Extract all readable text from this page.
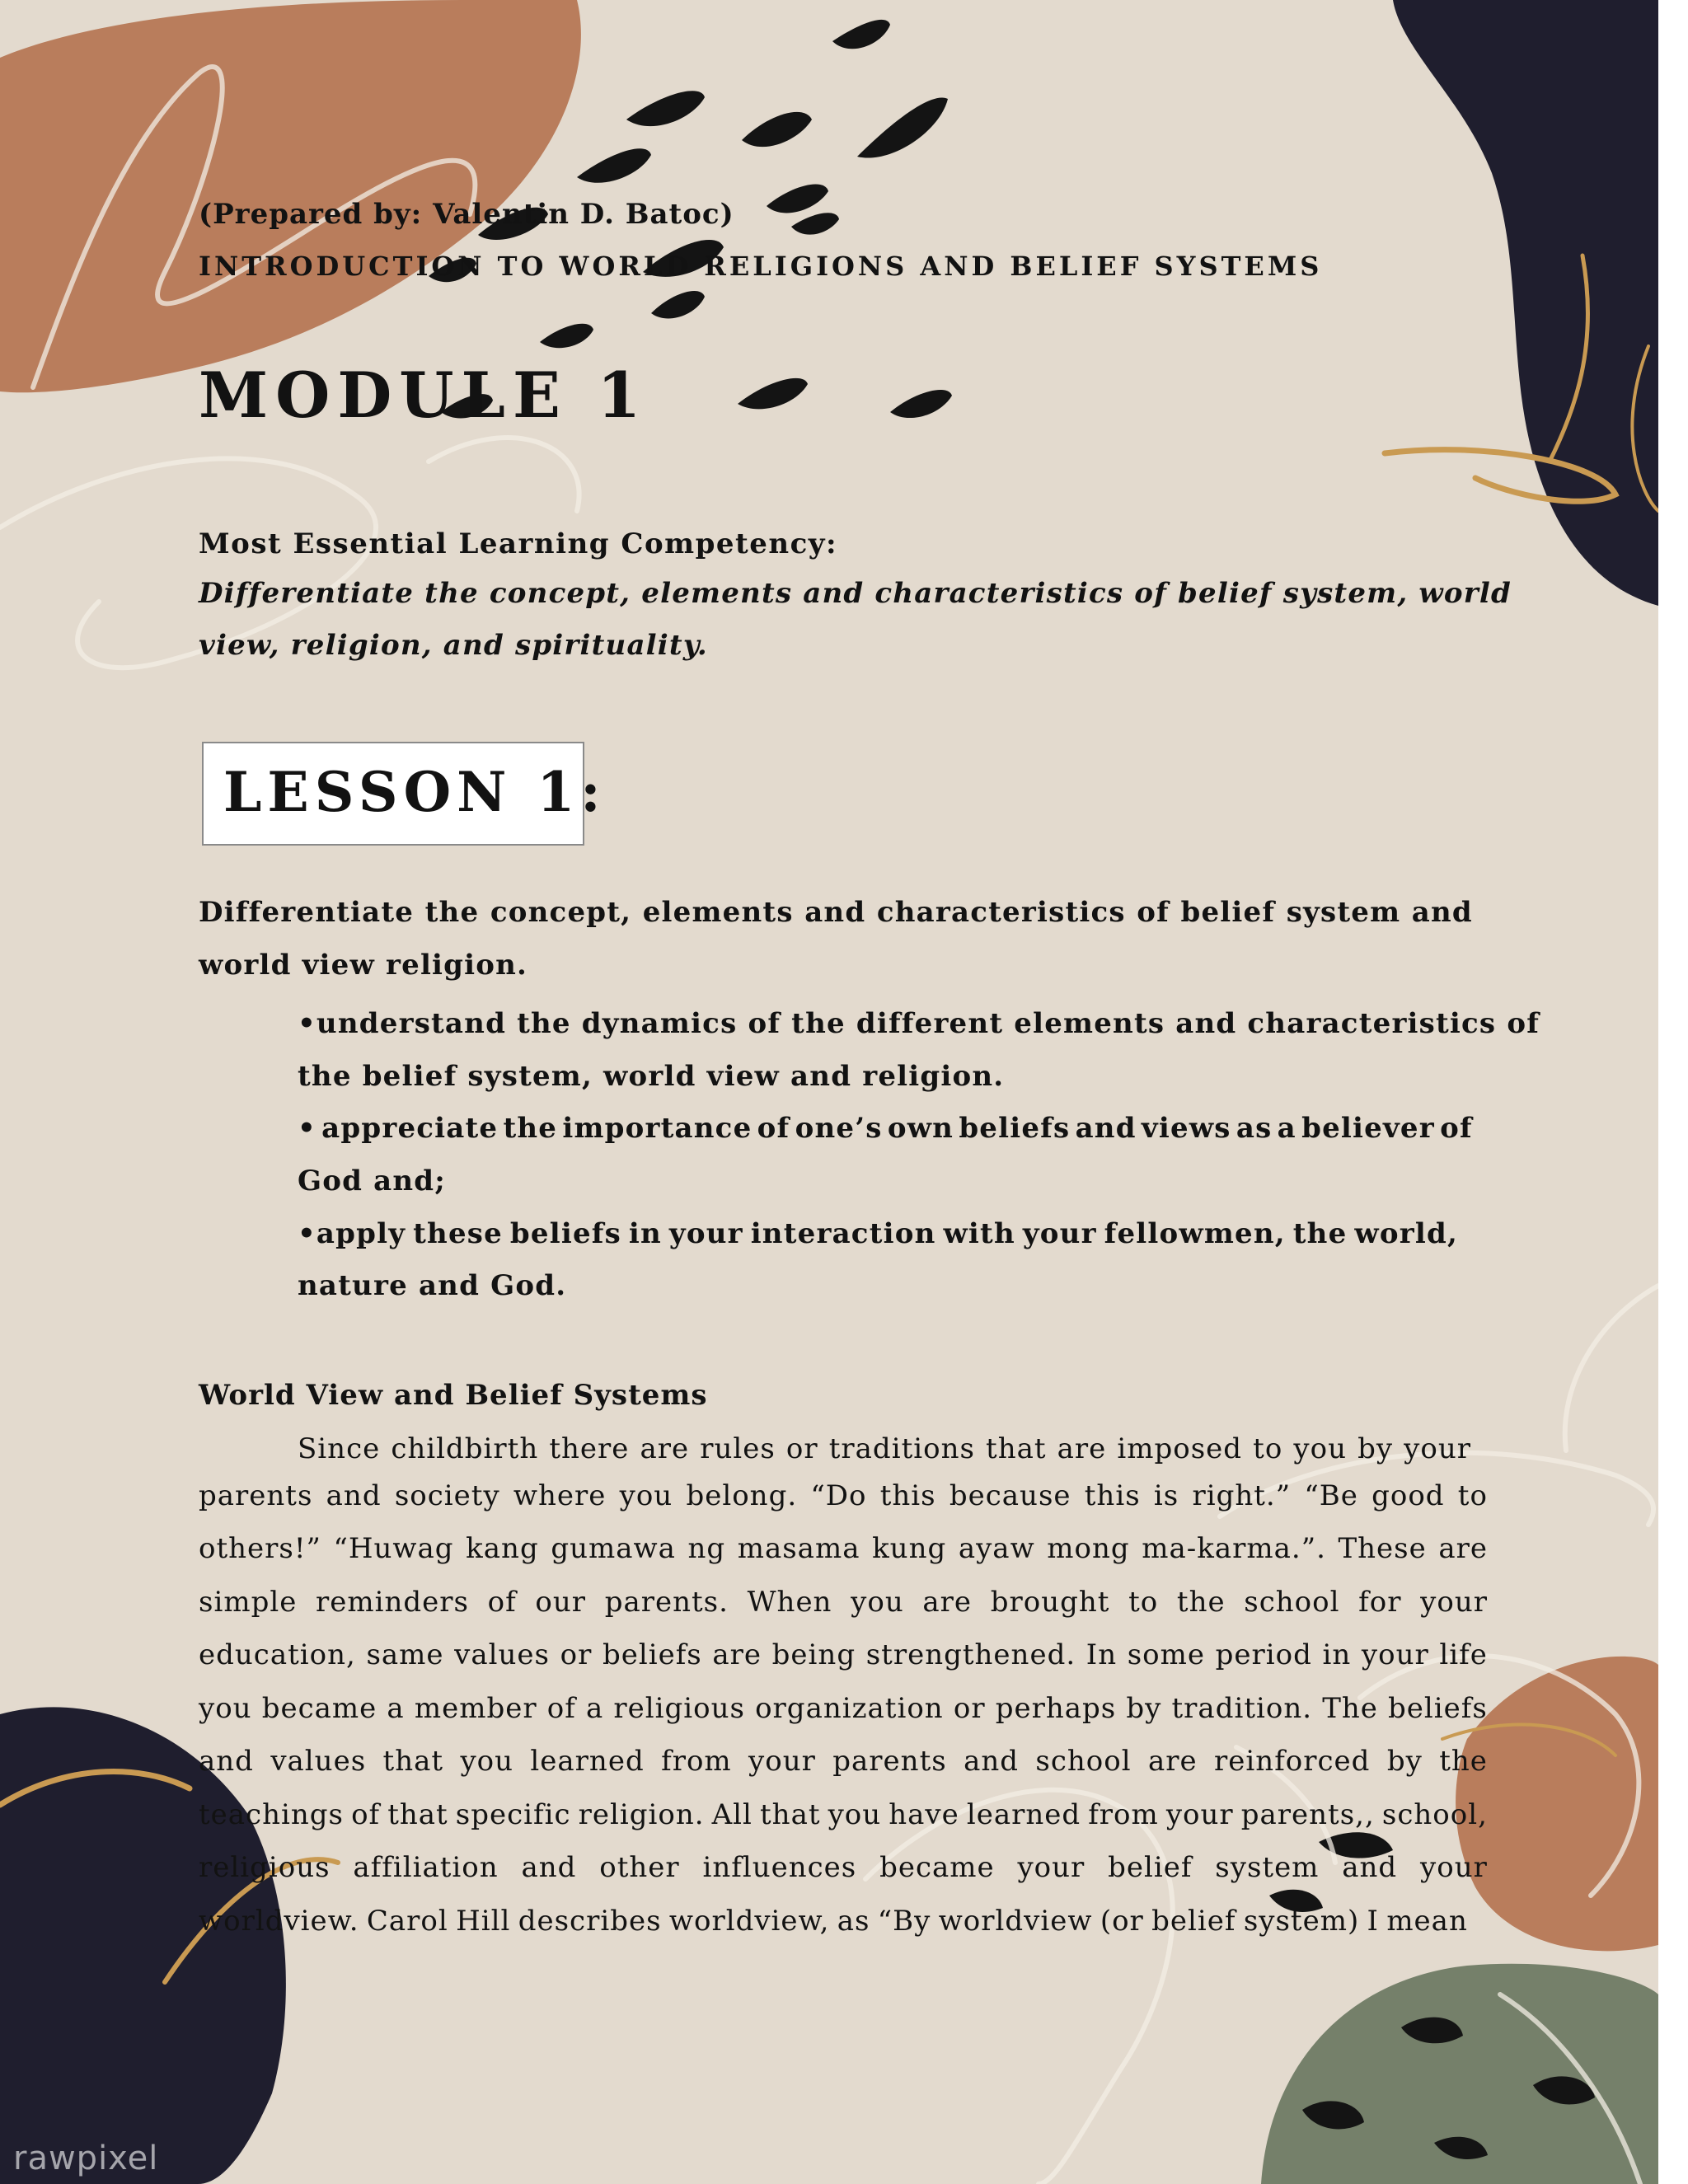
(Prepared by: Valentin D. Batoc)
INTRODUCTION TO WORLD RELIGIONS AND BELIEF SYSTEMS
MODULE 1
Most Essential Learning Competency:
Differentiate the concept, elements and characteristics of belief system, world
view, religion, and spirituality.
LESSON 1:
Differentiate the concept, elements and characteristics of belief system and
world view religion.
•understand the dynamics of the different elements and characteristics of
the belief system, world view and religion.
• appreciate the importance of one’s own beliefs and views as a believer of
God and;
•apply these beliefs in your interaction with your fellowmen, the world,
nature and God.
World View and Belief Systems
Since childbirth there are rules or traditions that are imposed to you by your
parents and society where you belong. “Do this because this is right.” “Be good to
others!” “Huwag kang gumawa ng masama kung ayaw mong ma-karma.”. These are
simple reminders of our parents. When you are brought to the school for your
education, same values or beliefs are being strengthened. In some period in your life
you became a member of a religious organization or perhaps by tradition. The beliefs
and values that you learned from your parents and school are reinforced by the
teachings of that specific religion. All that you have learned from your parents,, school,
religious affiliation and other influences became your belief system and your
worldview. Carol Hill describes worldview, as “By worldview (or belief system) I mean
rawpixel
